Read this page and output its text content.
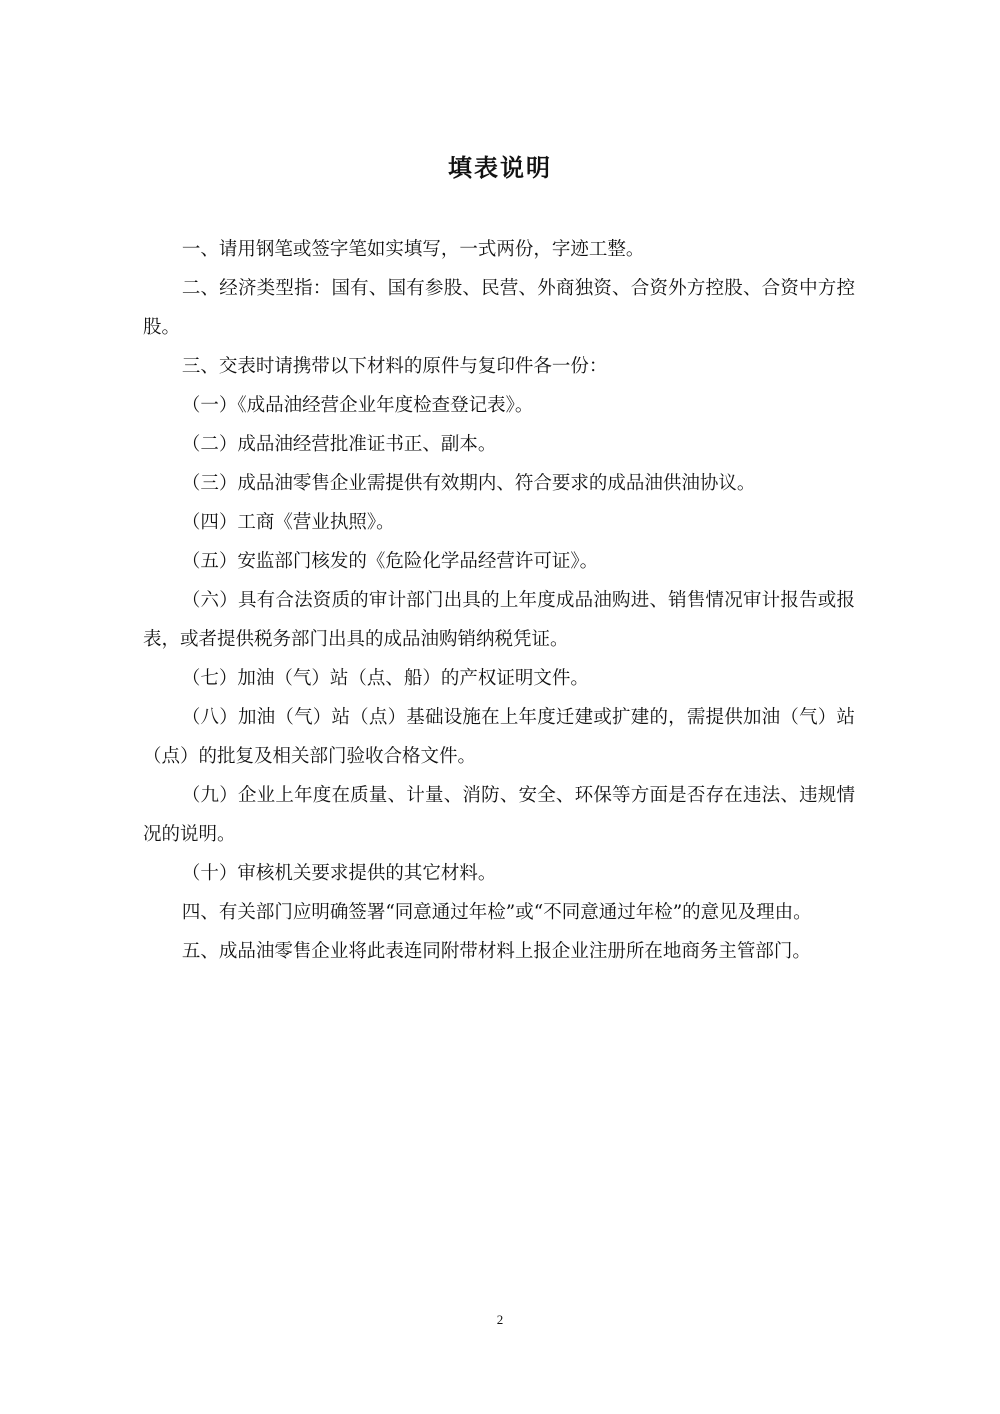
填表说明

一、请用钢笔或签字笔如实填写，一式两份，字迹工整。

二、经济类型指：国有、国有参股、民营、外商独资、合资外方控股、合资中方控股。

三、交表时请携带以下材料的原件与复印件各一份：

（一）《成品油经营企业年度检查登记表》。

（二）成品油经营批准证书正、副本。

（三）成品油零售企业需提供有效期内、符合要求的成品油供油协议。

（四）工商《营业执照》。

（五）安监部门核发的《危险化学品经营许可证》。

（六）具有合法资质的审计部门出具的上年度成品油购进、销售情况审计报告或报表，或者提供税务部门出具的成品油购销纳税凭证。

（七）加油（气）站（点、船）的产权证明文件。

（八）加油（气）站（点）基础设施在上年度迁建或扩建的，需提供加油（气）站（点）的批复及相关部门验收合格文件。

（九）企业上年度在质量、计量、消防、安全、环保等方面是否存在违法、违规情况的说明。

（十）审核机关要求提供的其它材料。

四、有关部门应明确签署“同意通过年检”或“不同意通过年检”的意见及理由。

五、成品油零售企业将此表连同附带材料上报企业注册所在地商务主管部门。

2
